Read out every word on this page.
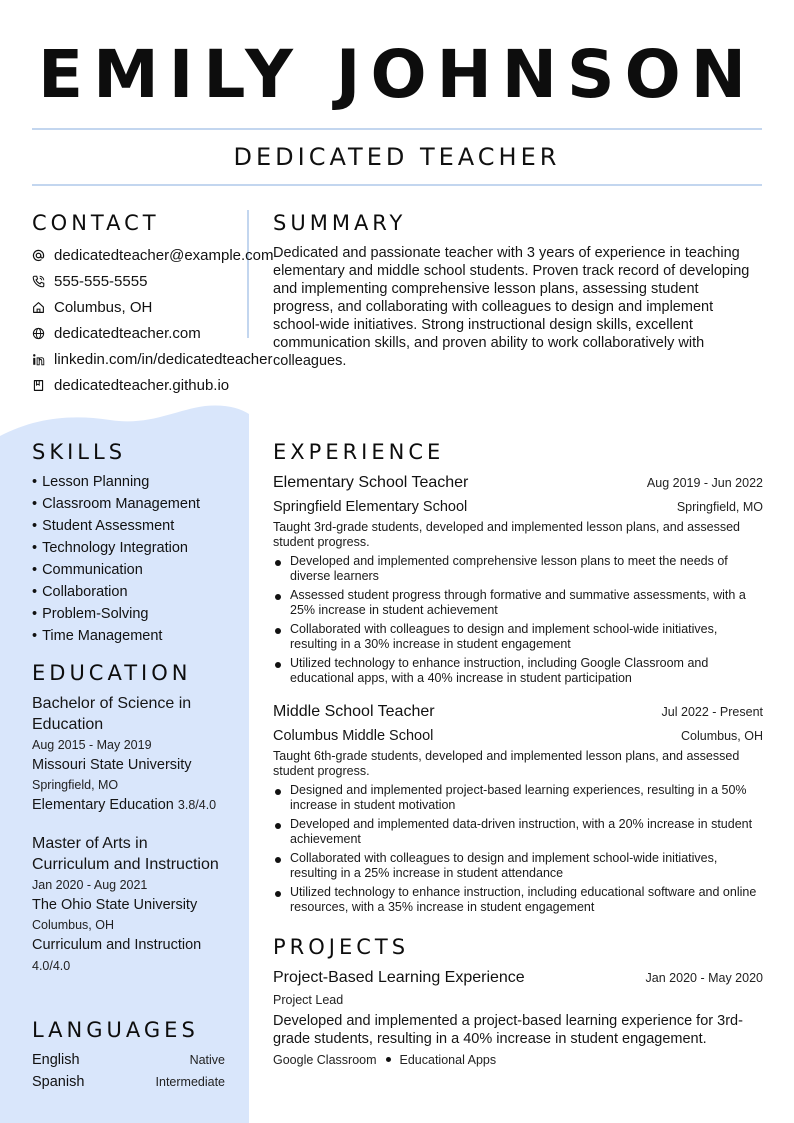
EMILY JOHNSON
DEDICATED TEACHER
CONTACT
dedicatedteacher@example.com
555-555-5555
Columbus, OH
dedicatedteacher.com
linkedin.com/in/dedicatedteacher
dedicatedteacher.github.io
SUMMARY
Dedicated and passionate teacher with 3 years of experience in teaching elementary and middle school students. Proven track record of developing and implementing comprehensive lesson plans, assessing student progress, and collaborating with colleagues to design and implement school-wide initiatives. Strong instructional design skills, excellent communication skills, and proven ability to work collaboratively with colleagues.
SKILLS
• Lesson Planning
• Classroom Management
• Student Assessment
• Technology Integration
• Communication
• Collaboration
• Problem-Solving
• Time Management
EDUCATION
Bachelor of Science in Education
Aug 2015 - May 2019
Missouri State University
Springfield, MO
Elementary Education 3.8/4.0
Master of Arts in Curriculum and Instruction
Jan 2020 - Aug 2021
The Ohio State University
Columbus, OH
Curriculum and Instruction
4.0/4.0
LANGUAGES
English	Native
Spanish	Intermediate
EXPERIENCE
Elementary School Teacher	Aug 2019 - Jun 2022
Springfield Elementary School	Springfield, MO
Taught 3rd-grade students, developed and implemented lesson plans, and assessed student progress.
Developed and implemented comprehensive lesson plans to meet the needs of diverse learners
Assessed student progress through formative and summative assessments, with a 25% increase in student achievement
Collaborated with colleagues to design and implement school-wide initiatives, resulting in a 30% increase in student engagement
Utilized technology to enhance instruction, including Google Classroom and educational apps, with a 40% increase in student participation
Middle School Teacher	Jul 2022 - Present
Columbus Middle School	Columbus, OH
Taught 6th-grade students, developed and implemented lesson plans, and assessed student progress.
Designed and implemented project-based learning experiences, resulting in a 50% increase in student motivation
Developed and implemented data-driven instruction, with a 20% increase in student achievement
Collaborated with colleagues to design and implement school-wide initiatives, resulting in a 25% increase in student attendance
Utilized technology to enhance instruction, including educational software and online resources, with a 35% increase in student engagement
PROJECTS
Project-Based Learning Experience	Jan 2020 - May 2020
Project Lead
Developed and implemented a project-based learning experience for 3rd-grade students, resulting in a 40% increase in student engagement.
Google Classroom Educational Apps
